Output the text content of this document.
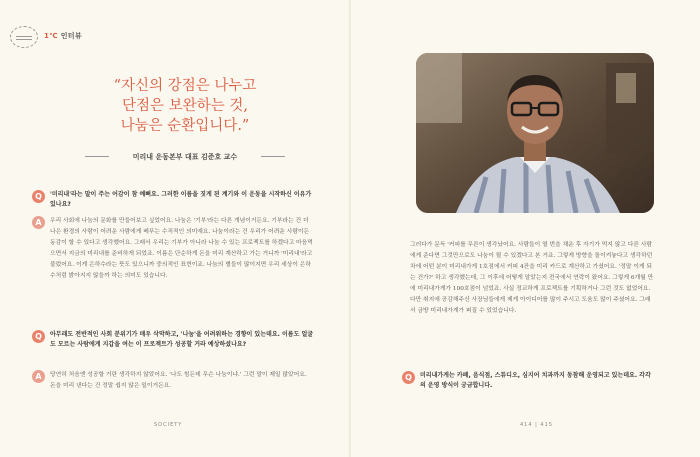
1℃ 인터뷰
“자신의 강점은 나누고
단점은 보완하는 것,
나눔은 순환입니다.”
미리내 운동본부 대표 김준호 교수
Q	'미리내'라는 말이 주는 어감이 참 예뻐요. 그러한 이름을 짓게 된 계기와 이 운동을 시작하신 이유가 있나요?

A	우리 사회에 나눔의 문화를 만들어보고 싶었어요. 나눔은 '기부'라는 다른 개념이거든요. 기부라는 건 더 나은 환경의 사람이 어려운 사람에게 베푸는 수직적인 의미예요. 나눔이라는 건 우리가 어려운 사람이든 동감이 할 수 있다고 생각했어요. 그래서 우리는 기부가 아니라 나눔 수 있는 프로젝트를 하겠다고 마음먹으면서 지금의 미리내를 준비하게 되었죠. 이름은 단순하게 돈을 미리 계산하고 가는 거니까 '미리내'라고 불렀어요. 이게 은하수라는 뜻도 있으니까 중의적인 표현이죠. 나눔의 별들이 많이지면 우리 세상이 은하수처럼 밝아지지 않을까 하는 의미도 있습니다.

Q	아무래도 전반적인 사회 분위기가 매우 삭막하고, '나눔'을 어려워하는 경향이 있는데요. 이름도 얼굴도 모르는 사람에게 지갑을 여는 이 프로젝트가 성공할 거라 예상하셨나요?

A	당연히 처음엔 성공할 거란 생각하지 않았어요. '나도 힘든데 무슨 나눔이냐.' 그런 말이 제일 많았어요. 돈을 미리 낸다는 건 정말 쉽지 않은 일이거든요.

SOCIETY

그러다가 문득 '커피를 무른이 생각났어요. 사람들이 열 번을 채운 후 자기가 먹지 않고 다른 사람에게 준다면 그것만으로도 나눔이 될 수 있겠다고 본 거죠. 그렇게 방향을 돌이켜놓다고 생각하던 차에 어떤 분이 미리내가게 1호점에서 커피 4잔을 미리 카드로 계산하고 가셨어요. '정말 이게 되는 건가?' 하고 생각했는데, 그 이후에 어떻게 알았는지 전국에서 연락이 왔어요. 그렇게 6개월 만에 미리내가게가 100호점이 넘었죠. 사실 정교하게 프로젝트를 기획하거나 그런 것도 없었어요. 다만 취지에 공감해주신 사장님들에게 제게 아이디어를 많이 주시고 도움도 많이 주셨어요. 그래서 금방 미리내가게가 퍼질 수 있었습니다.

Q	미리내가게는 카페, 음식점, 스튜디오, 심지어 치과까지 동참해 운영되고 있는데요. 각각의 운영 방식이 궁금합니다.

414 | 415
